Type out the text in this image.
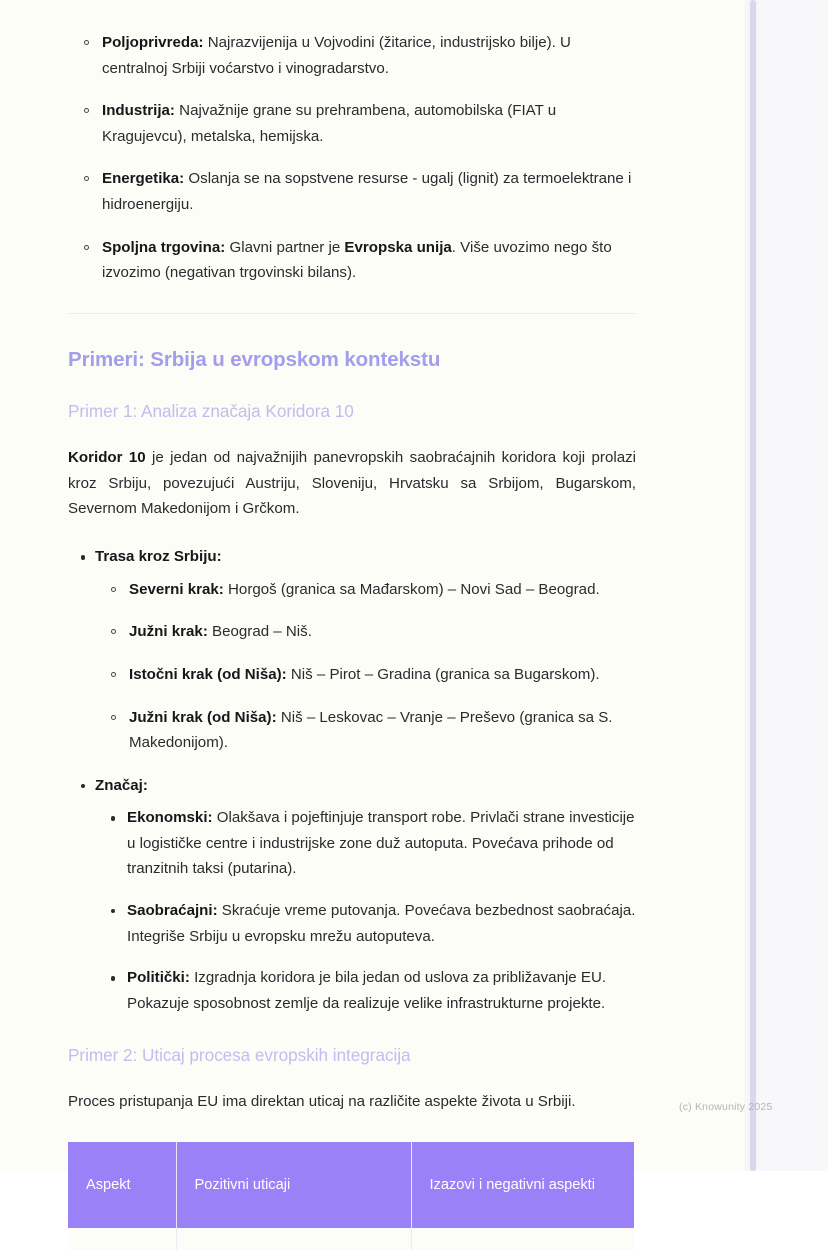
Poljoprivreda: Najrazvijenija u Vojvodini (žitarice, industrijsko bilje). U centralnoj Srbiji voćarstvo i vinogradarstvo.
Industrija: Najvažnije grane su prehrambena, automobilska (FIAT u Kragujevcu), metalska, hemijska.
Energetika: Oslanja se na sopstvene resurse - ugalj (lignit) za termoelektrane i hidroenergiju.
Spoljna trgovina: Glavni partner je Evropska unija. Više uvozimo nego što izvozimo (negativan trgovinski bilans).
Primeri: Srbija u evropskom kontekstu
Primer 1: Analiza značaja Koridora 10

Koridor 10 je jedan od najvažnijih panevropskih saobraćajnih koridora koji prolazi kroz Srbiju, povezujući Austriju, Sloveniju, Hrvatsku sa Srbijom, Bugarskom, Severnom Makedonijom i Grčkom.

Trasa kroz Srbiju:
Severni krak: Horgoš (granica sa Mađarskom) – Novi Sad – Beograd.
Južni krak: Beograd – Niš.
Istočni krak (od Niša): Niš – Pirot – Gradina (granica sa Bugarskom).
Južni krak (od Niša): Niš – Leskovac – Vranje – Preševo (granica sa S. Makedonijom).
Značaj:
Ekonomski: Olakšava i pojeftinjuje transport robe. Privlači strane investicije u logističke centre i industrijske zone duž autoputa. Povećava prihode od tranzitnih taksi (putarina).
Saobraćajni: Skraćuje vreme putovanja. Povećava bezbednost saobraćaja. Integriše Srbiju u evropsku mrežu autoputeva.
Politički: Izgradnja koridora je bila jedan od uslova za približavanje EU. Pokazuje sposobnost zemlje da realizuje velike infrastrukturne projekte.
Primer 2: Uticaj procesa evropskih integracija

Proces pristupanja EU ima direktan uticaj na različite aspekte života u Srbiji.

Aspekt	Pozitivni uticaji	Izazovi i negativni aspekti

(c) Knowunity 2025
